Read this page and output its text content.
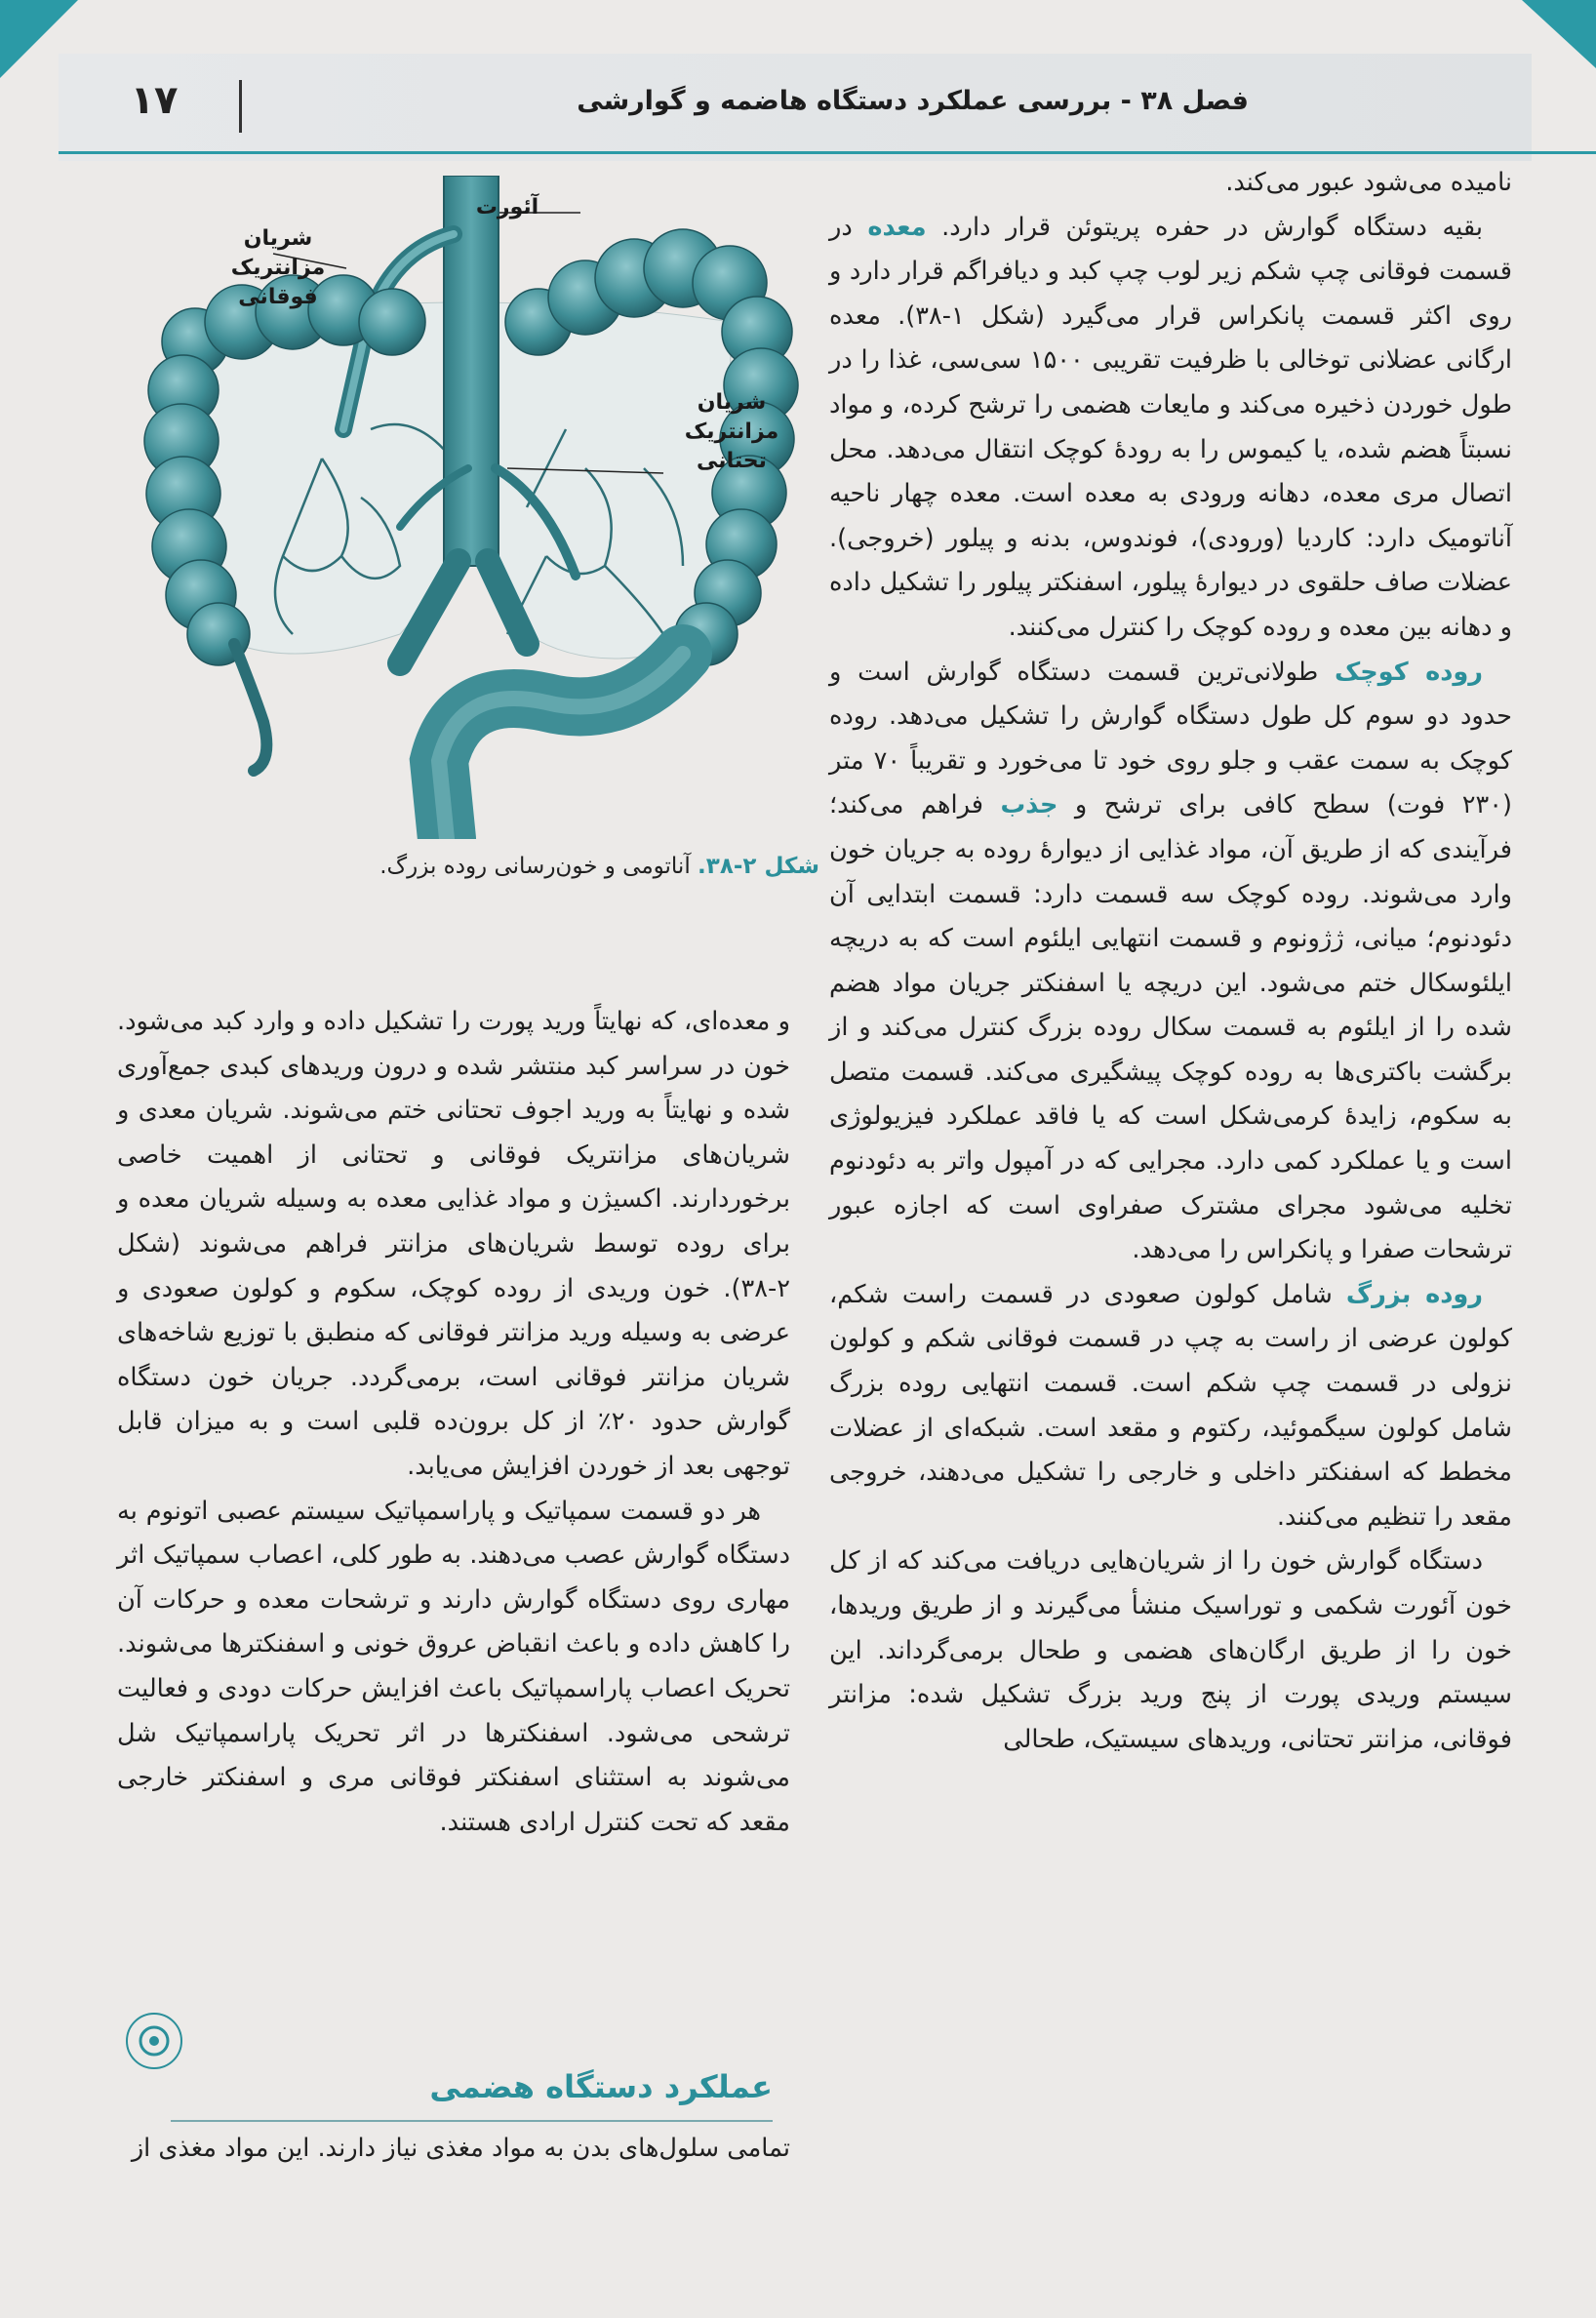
۱۷	فصل ۳۸ - بررسی عملکرد دستگاه هاضمه و گوارشی
آئورت
شریان
مزانتریک
فوقانی
شریان
مزانتریک
تحتانی
شکل ۲-۳۸. آناتومی و خون‌رسانی روده بزرگ.

نامیده می‌شود عبور می‌کند.

بقیه دستگاه گوارش در حفره پریتوئن قرار دارد. معده در قسمت فوقانی چپ شکم زیر لوب چپ کبد و دیافراگم قرار دارد و روی اکثر قسمت پانکراس قرار می‌گیرد (شکل ۱-۳۸). معده ارگانی عضلانی توخالی با ظرفیت تقریبی ۱۵۰۰ سی‌سی، غذا را در طول خوردن ذخیره می‌کند و مایعات هضمی را ترشح کرده، و مواد نسبتاً هضم شده، یا کیموس را به رودهٔ کوچک انتقال می‌دهد. محل اتصال مری معده، دهانه ورودی به معده است. معده چهار ناحیه آناتومیک دارد: کاردیا (ورودی)، فوندوس، بدنه و پیلور (خروجی). عضلات صاف حلقوی در دیوارهٔ پیلور، اسفنکتر پیلور را تشکیل داده و دهانه بین معده و روده کوچک را کنترل می‌کنند.

روده کوچک طولانی‌ترین قسمت دستگاه گوارش است و حدود دو سوم کل طول دستگاه گوارش را تشکیل می‌دهد. روده کوچک به سمت عقب و جلو روی خود تا می‌خورد و تقریباً ۷۰ متر (۲۳۰ فوت) سطح کافی برای ترشح و جذب فراهم می‌کند؛ فرآیندی که از طریق آن، مواد غذایی از دیوارهٔ روده به جریان خون وارد می‌شوند. روده کوچک سه قسمت دارد: قسمت ابتدایی آن دئودنوم؛ میانی، ژژونوم و قسمت انتهایی ایلئوم است که به دریچه ایلئوسکال ختم می‌شود. این دریچه یا اسفنکتر جریان مواد هضم شده را از ایلئوم به قسمت سکال روده بزرگ کنترل می‌کند و از برگشت باکتری‌ها به روده کوچک پیشگیری می‌کند. قسمت متصل به سکوم، زایدهٔ کرمی‌شکل است که یا فاقد عملکرد فیزیولوژی است و یا عملکرد کمی دارد. مجرایی که در آمپول واتر به دئودنوم تخلیه می‌شود مجرای مشترک صفراوی است که اجازه عبور ترشحات صفرا و پانکراس را می‌دهد.

روده بزرگ شامل کولون صعودی در قسمت راست شکم، کولون عرضی از راست به چپ در قسمت فوقانی شکم و کولون نزولی در قسمت چپ شکم است. قسمت انتهایی روده بزرگ شامل کولون سیگموئید، رکتوم و مقعد است. شبکه‌ای از عضلات مخطط که اسفنکتر داخلی و خارجی را تشکیل می‌دهند، خروجی مقعد را تنظیم می‌کنند.

دستگاه گوارش خون را از شریان‌هایی دریافت می‌کند که از کل خون آئورت شکمی و توراسیک منشأ می‌گیرند و از طریق وریدها، خون را از طریق ارگان‌های هضمی و طحال برمی‌گرداند. این سیستم وریدی پورت از پنج ورید بزرگ تشکیل شده: مزانتر فوقانی، مزانتر تحتانی، وریدهای سیستیک، طحالی

و معده‌ای، که نهایتاً ورید پورت را تشکیل داده و وارد کبد می‌شود. خون در سراسر کبد منتشر شده و درون وریدهای کبدی جمع‌آوری شده و نهایتاً به ورید اجوف تحتانی ختم می‌شوند. شریان معدی و شریان‌های مزانتریک فوقانی و تحتانی از اهمیت خاصی برخوردارند. اکسیژن و مواد غذایی معده به وسیله شریان معده و برای روده توسط شریان‌های مزانتر فراهم می‌شوند (شکل ۲-۳۸). خون وریدی از روده کوچک، سکوم و کولون صعودی و عرضی به وسیله ورید مزانتر فوقانی که منطبق با توزیع شاخه‌های شریان مزانتر فوقانی است، برمی‌گردد. جریان خون دستگاه گوارش حدود ۲۰٪ از کل برون‌ده قلبی است و به میزان قابل توجهی بعد از خوردن افزایش می‌یابد.

هر دو قسمت سمپاتیک و پاراسمپاتیک سیستم عصبی اتونوم به دستگاه گوارش عصب می‌دهند. به طور کلی، اعصاب سمپاتیک اثر مهاری روی دستگاه گوارش دارند و ترشحات معده و حرکات آن را کاهش داده و باعث انقباض عروق خونی و اسفنکترها می‌شوند. تحریک اعصاب پاراسمپاتیک باعث افزایش حرکات دودی و فعالیت ترشحی می‌شود. اسفنکترها در اثر تحریک پاراسمپاتیک شل می‌شوند به استثنای اسفنکتر فوقانی مری و اسفنکتر خارجی مقعد که تحت کنترل ارادی هستند.

عملکرد دستگاه هضمی
تمامی سلول‌های بدن به مواد مغذی نیاز دارند. این مواد مغذی از
